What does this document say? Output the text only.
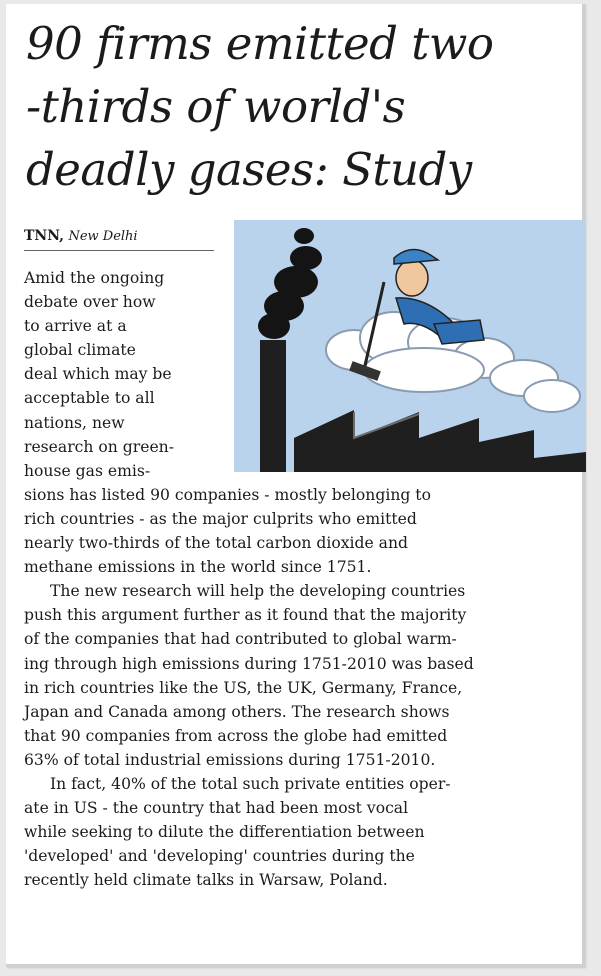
90 firms emitted two
-thirds of world's
deadly gases: Study
TNN, New Delhi

Amid the ongoing
debate over how
to arrive at a
global climate
deal which may be
acceptable to all
nations, new
research on green-
house gas emis-
sions has listed 90 companies - mostly belonging to
rich countries - as the major culprits who emitted
nearly two-thirds of the total carbon dioxide and
methane emissions in the world since 1751.

The new research will help the developing countries
push this argument further as it found that the majority
of the companies that had contributed to global warm-
ing through high emissions during 1751-2010 was based
in rich countries like the US, the UK, Germany, France,
Japan and Canada among others. The research shows
that 90 companies from across the globe had emitted
63% of total industrial emissions during 1751-2010.

In fact, 40% of the total such private entities oper-
ate in US - the country that had been most vocal
while seeking to dilute the differentiation between
'developed' and 'developing' countries during the
recently held climate talks in Warsaw, Poland.
